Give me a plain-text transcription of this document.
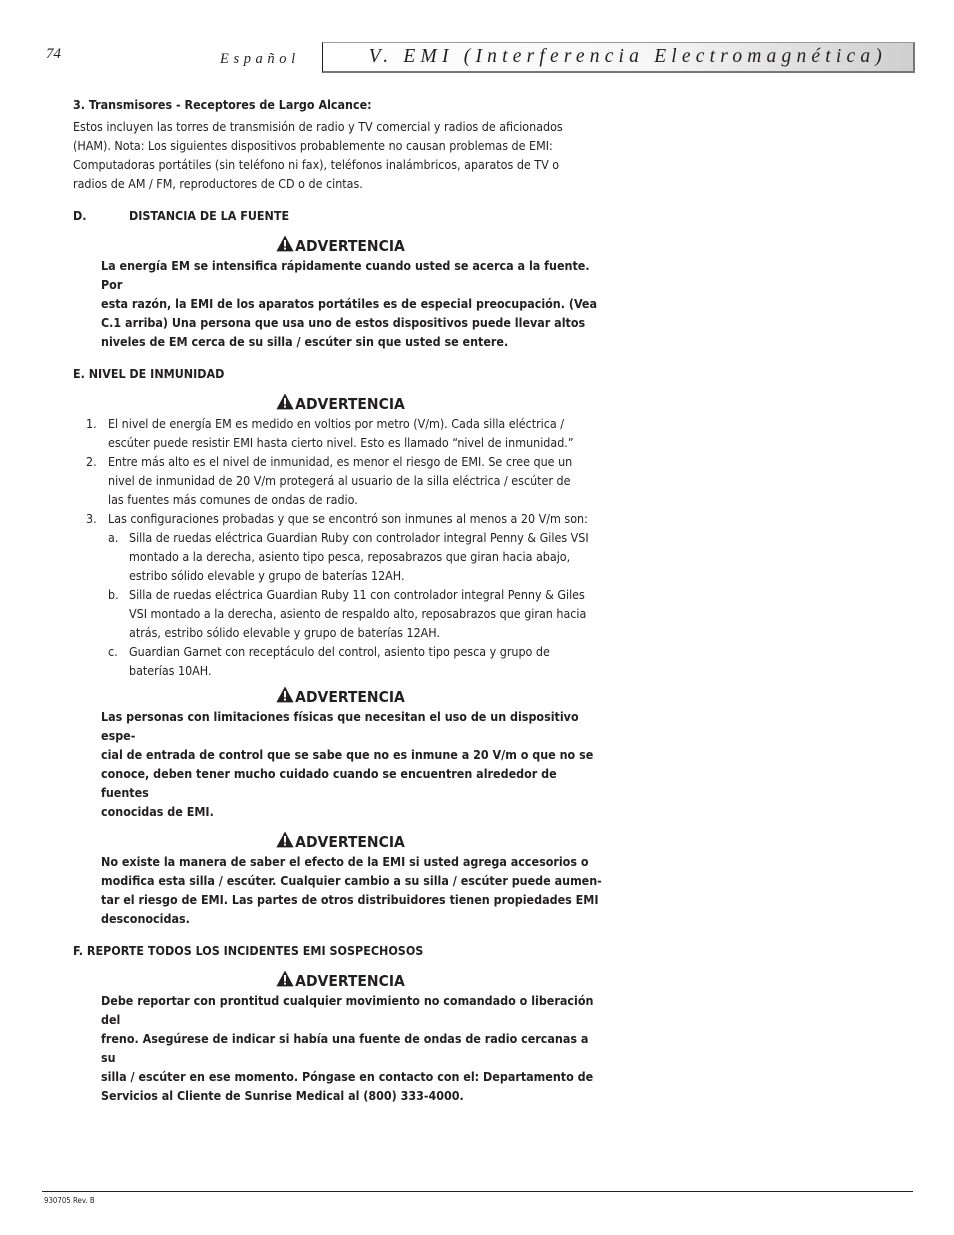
74	Español	V. EMI (Interferencia Electromagnética)

3. Transmisores - Receptores de Largo Alcance:

Estos incluyen las torres de transmisión de radio y TV comercial y radios de aficionados

(HAM). Nota: Los siguientes dispositivos probablemente no causan problemas de EMI:

Computadoras portátiles (sin teléfono ni fax), teléfonos inalámbricos, aparatos de TV o

radios de AM / FM, reproductores de CD o de cintas.

D.	DISTANCIA DE LA FUENTE

ADVERTENCIA

La energía EM se intensifica rápidamente cuando usted se acerca a la fuente. Por

esta razón, la EMI de los aparatos portátiles es de especial preocupación. (Vea

C.1 arriba) Una persona que usa uno de estos dispositivos puede llevar altos

niveles de EM cerca de su silla / escúter sin que usted se entere.

E. NIVEL DE INMUNIDAD

ADVERTENCIA
1. El nivel de energía EM es medido en voltios por metro (V/m). Cada silla eléctrica /

escúter puede resistir EMI hasta cierto nivel. Esto es llamado “nivel de inmunidad.”

2. Entre más alto es el nivel de inmunidad, es menor el riesgo de EMI. Se cree que un

nivel de inmunidad de 20 V/m protegerá al usuario de la silla eléctrica / escúter de

las fuentes más comunes de ondas de radio.

3. Las configuraciones probadas y que se encontró son inmunes al menos a 20 V/m son:

a. Silla de ruedas eléctrica Guardian Ruby con controlador integral Penny & Giles VSI

montado a la derecha, asiento tipo pesca, reposabrazos que giran hacia abajo,

estribo sólido elevable y grupo de baterías 12AH.

b. Silla de ruedas eléctrica Guardian Ruby 11 con controlador integral Penny & Giles

VSI montado a la derecha, asiento de respaldo alto, reposabrazos que giran hacia

atrás, estribo sólido elevable y grupo de baterías 12AH.

c. Guardian Garnet con receptáculo del control, asiento tipo pesca y grupo de

baterías 10AH.

ADVERTENCIA

Las personas con limitaciones físicas que necesitan el uso de un dispositivo espe-

cial de entrada de control que se sabe que no es inmune a 20 V/m o que no se

conoce, deben tener mucho cuidado cuando se encuentren alrededor de fuentes

conocidas de EMI.

ADVERTENCIA

No existe la manera de saber el efecto de la EMI si usted agrega accesorios o

modifica esta silla / escúter. Cualquier cambio a su silla / escúter puede aumen-

tar el riesgo de EMI. Las partes de otros distribuidores tienen propiedades EMI

desconocidas.

F. REPORTE TODOS LOS INCIDENTES EMI SOSPECHOSOS

ADVERTENCIA

Debe reportar con prontitud cualquier movimiento no comandado o liberación del

freno. Asegúrese de indicar si había una fuente de ondas de radio cercanas a su

silla / escúter en ese momento. Póngase en contacto con el: Departamento de

Servicios al Cliente de Sunrise Medical al (800) 333-4000.

930705 Rev. B
